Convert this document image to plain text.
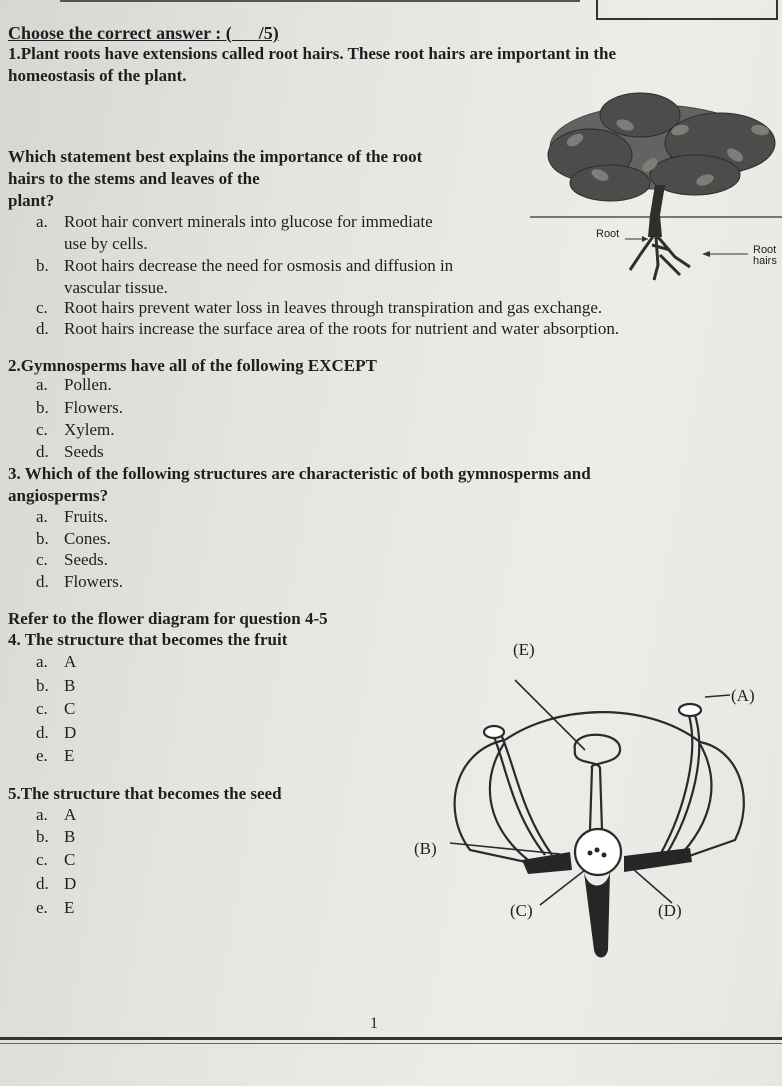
Choose the correct answer : ( /5)
1.Plant roots have extensions called root hairs. These root hairs are important in the
homeostasis of the plant.
Which statement best explains the importance of the root
hairs to the stems and leaves of the
plant?
a. Root hair convert minerals into glucose for immediate
use by cells.
b. Root hairs decrease the need for osmosis and diffusion in
vascular tissue.
c. Root hairs prevent water loss in leaves through transpiration and gas exchange.
d. Root hairs increase the surface area of the roots for nutrient and water absorption.
Root
Root
hairs
2.Gymnosperms have all of the following EXCEPT
a. Pollen.
b. Flowers.
c. Xylem.
d. Seeds
3. Which of the following structures are characteristic of both gymnosperms and
angiosperms?
a. Fruits.
b. Cones.
c. Seeds.
d. Flowers.
Refer to the flower diagram for question 4-5
4. The structure that becomes the fruit
a. A
b. B
c. C
d. D
e. E
5.The structure that becomes the seed
a. A
b. B
c. C
d. D
e. E
(E)
(A)
(B)
(C)	(D)
1
